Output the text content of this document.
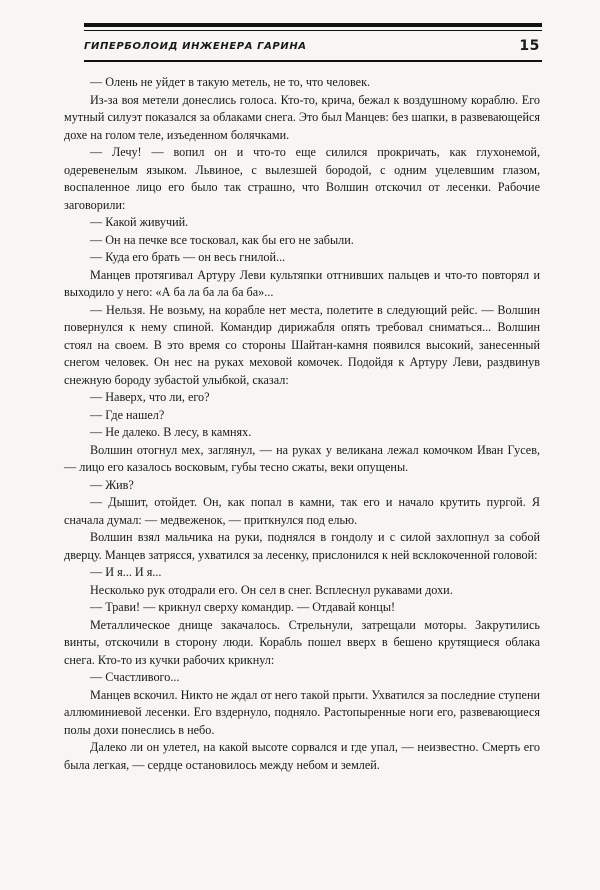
ГИПЕРБОЛОИД ИНЖЕНЕРА ГАРИНА	15

— Олень не уйдет в такую метель, не то, что человек.

Из-за воя метели донеслись голоса. Кто-то, крича, бежал к воздушному кораблю. Его мутный силуэт показался за облаками снега. Это был Манцев: без шапки, в развевающейся дохе на голом теле, изъеденном болячками.

— Лечу! — вопил он и что-то еще силился прокричать, как глухонемой, одеревенелым языком. Львиное, с вылезшей бородой, с одним уцелевшим глазом, воспаленное лицо его было так страшно, что Волшин отскочил от лесенки. Рабочие заговорили:

— Какой живучий.

— Он на печке все тосковал, как бы его не забыли.

— Куда его брать — он весь гнилой...

Манцев протягивал Артуру Леви культяпки отгнивших пальцев и что-то повторял и выходило у него: «А ба ла ба ла ба ба»...

— Нельзя. Не возьму, на корабле нет места, полетите в следующий рейс. — Волшин повернулся к нему спиной. Командир дирижабля опять требовал сниматься... Волшин стоял на своем. В это время со стороны Шайтан-камня появился высокий, занесенный снегом человек. Он нес на руках меховой комочек. Подойдя к Артуру Леви, раздвинув снежную бороду зубастой улыбкой, сказал:

— Наверх, что ли, его?

— Где нашел?

— Не далеко. В лесу, в камнях.

Волшин отогнул мех, заглянул, — на руках у великана лежал комочком Иван Гусев, — лицо его казалось восковым, губы тесно сжаты, веки опущены.

— Жив?

— Дышит, отойдет. Он, как попал в камни, так его и начало крутить пургой. Я сначала думал: — медвеженок, — приткнулся под елью.

Волшин взял мальчика на руки, поднялся в гондолу и с силой захлопнул за собой дверцу. Манцев затрясся, ухватился за лесенку, прислонился к ней всклокоченной головой:

— И я... И я...

Несколько рук отодрали его. Он сел в снег. Всплеснул рукавами дохи.

— Трави! — крикнул сверху командир. — Отдавай концы!

Металлическое днище закачалось. Стрельнули, затрещали моторы. Закрутились винты, отскочили в сторону люди. Корабль пошел вверх в бешено крутящиеся облака снега. Кто-то из кучки рабочих крикнул:

— Счастливого...

Манцев вскочил. Никто не ждал от него такой прыти. Ухватился за последние ступени аллюминиевой лесенки. Его вздернуло, подняло. Растопыренные ноги его, развевающиеся полы дохи понеслись в небо.

Далеко ли он улетел, на какой высоте сорвался и где упал, — неизвестно. Смерть его была легкая, — сердце остановилось между небом и землей.
